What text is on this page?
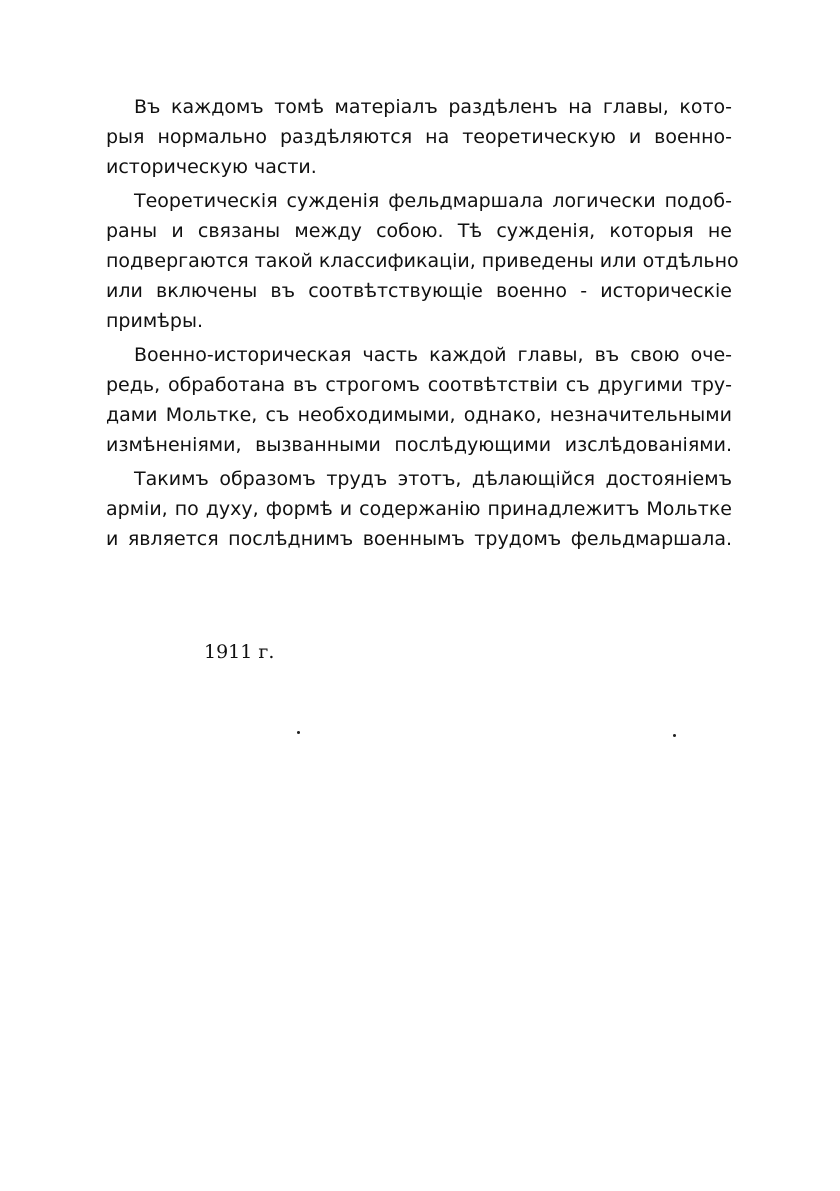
Въ каждомъ томѣ матерiалъ раздѣленъ на главы, кото-
рыя нормально раздѣляются на теоретическую и военно-
историческую части.
Теоретическiя сужденiя фельдмаршала логически подоб-
раны и связаны между собою. Тѣ сужденiя, которыя не
подвергаются такой классификацiи, приведены или отдѣльно
или включены въ соотвѣтствующiе военно - историческiе
примѣры.
Военно-историческая часть каждой главы, въ свою оче-
редь, обработана въ строгомъ соотвѣтствiи съ другими тру-
дами Мольтке, съ необходимыми, однако, незначительными
измѣненiями, вызванными послѣдующими изслѣдованiями.
Такимъ образомъ трудъ этотъ, дѣлающiйся достоянiемъ
армiи, по духу, формѣ и содержанiю принадлежитъ Мольтке
и является послѣднимъ военнымъ трудомъ фельдмаршала.
1911 г.
